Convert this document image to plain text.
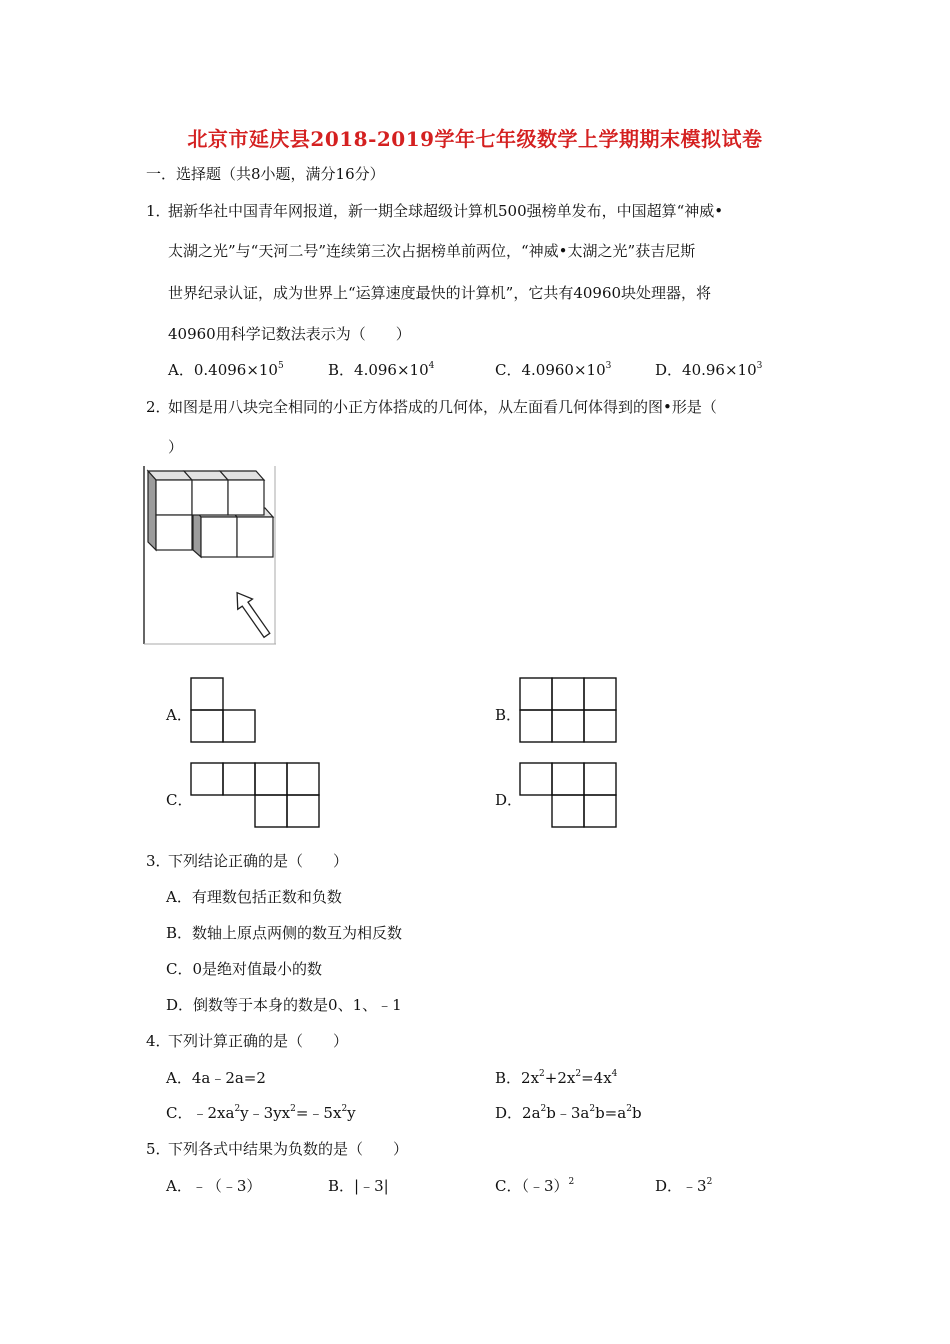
北京市延庆县2018-2019学年七年级数学上学期期末模拟试卷
一．选择题（共8小题，满分16分）
1．
据新华社中国青年网报道，新一期全球超级计算机500强榜单发布，中国超算“神威•
太湖之光”与“天河二号”连续第三次占据榜单前两位，“神威•太湖之光”获吉尼斯
世界纪录认证，成为世界上“运算速度最快的计算机”，它共有40960块处理器，将
40960用科学记数法表示为（　　）
A．$0.4096\times 10^5$	B．$4.096\times 10^4$	C．$4.0960\times 10^3$	D．$40.96\times 10^3$
2．
如图是用八块完全相同的小正方体搭成的几何体，从左面看几何体得到的图•形是（
）
A．	B．
C．	D．
3．
下列结论正确的是（　　）
A．有理数包括正数和负数
B．数轴上原点两侧的数互为相反数
C．0是绝对值最小的数
D．倒数等于本身的数是0、1、﹣1
4．
下列计算正确的是（　　）
A．4a﹣2a=2	B．$2x^2+2x^2=4x^4$
C．$﹣2xa^2y﹣3yx^2=﹣5x^2y$	D．$2a^2b﹣3a^2b=a^2b$
5．
下列各式中结果为负数的是（　　）
A．﹣（﹣3）	B．|﹣3|	C．（﹣3）$^2$	D．$﹣3^2$
